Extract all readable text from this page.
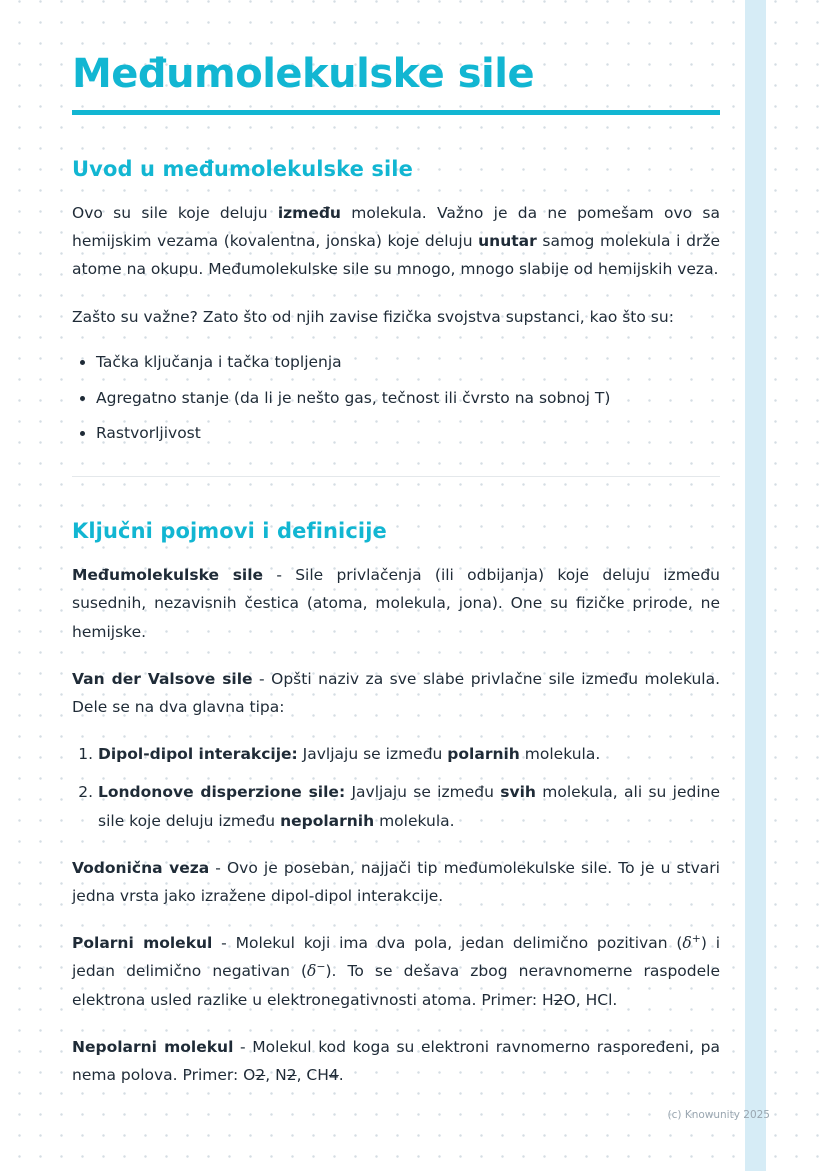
Međumolekulske sile
Uvod u međumolekulske sile

Ovo su sile koje deluju između molekula. Važno je da ne pomešam ovo sa hemijskim vezama (kovalentna, jonska) koje deluju unutar samog molekula i drže atome na okupu. Međumolekulske sile su mnogo, mnogo slabije od hemijskih veza.

Zašto su važne? Zato što od njih zavise fizička svojstva supstanci, kao što su:

• Tačka ključanja i tačka topljenja
• Agregatno stanje (da li je nešto gas, tečnost ili čvrsto na sobnoj T)
• Rastvorljivost
Ključni pojmovi i definicije

Međumolekulske sile - Sile privlačenja (ili odbijanja) koje deluju između susednih, nezavisnih čestica (atoma, molekula, jona). One su fizičke prirode, ne hemijske.

Van der Valsove sile - Opšti naziv za sve slabe privlačne sile između molekula. Dele se na dva glavna tipa:

1. Dipol-dipol interakcije: Javljaju se između polarnih molekula.
2. Londonove disperzione sile: Javljaju se između svih molekula, ali su jedine sile koje deluju između nepolarnih molekula.

Vodonična veza - Ovo je poseban, najjači tip međumolekulske sile. To je u stvari jedna vrsta jako izražene dipol-dipol interakcije.

Polarni molekul - Molekul koji ima dva pola, jedan delimično pozitivan (δ+) i jedan delimično negativan (δ−). To se dešava zbog neravnomerne raspodele elektrona usled razlike u elektronegativnosti atoma. Primer: H2O, HCl.

Nepolarni molekul - Molekul kod koga su elektroni ravnomerno raspoređeni, pa nema polova. Primer: O2, N2, CH4.

(c) Knowunity 2025
